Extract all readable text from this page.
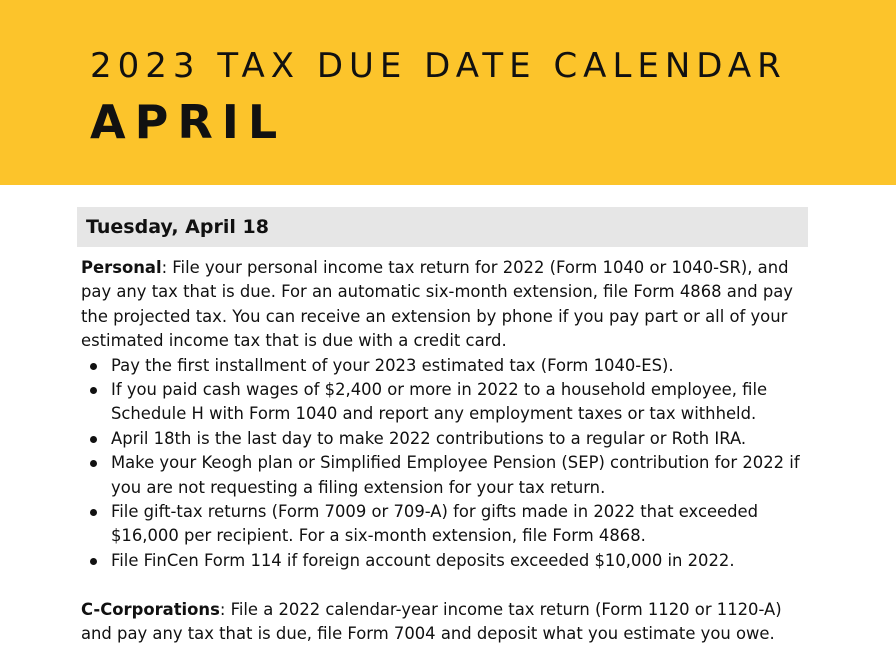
2023 TAX DUE DATE CALENDAR
APRIL
Tuesday, April 18

Personal: File your personal income tax return for 2022 (Form 1040 or 1040-SR), and pay any tax that is due. For an automatic six-month extension, file Form 4868 and pay the projected tax. You can receive an extension by phone if you pay part or all of your estimated income tax that is due with a credit card.

Pay the first installment of your 2023 estimated tax (Form 1040-ES).
If you paid cash wages of $2,400 or more in 2022 to a household employee, file Schedule H with Form 1040 and report any employment taxes or tax withheld.
April 18th is the last day to make 2022 contributions to a regular or Roth IRA.
Make your Keogh plan or Simplified Employee Pension (SEP) contribution for 2022 if you are not requesting a filing extension for your tax return.
File gift-tax returns (Form 7009 or 709-A) for gifts made in 2022 that exceeded $16,000 per recipient. For a six-month extension, file Form 4868.
File FinCen Form 114 if foreign account deposits exceeded $10,000 in 2022.

C-Corporations: File a 2022 calendar-year income tax return (Form 1120 or 1120-A) and pay any tax that is due, file Form 7004 and deposit what you estimate you owe.
